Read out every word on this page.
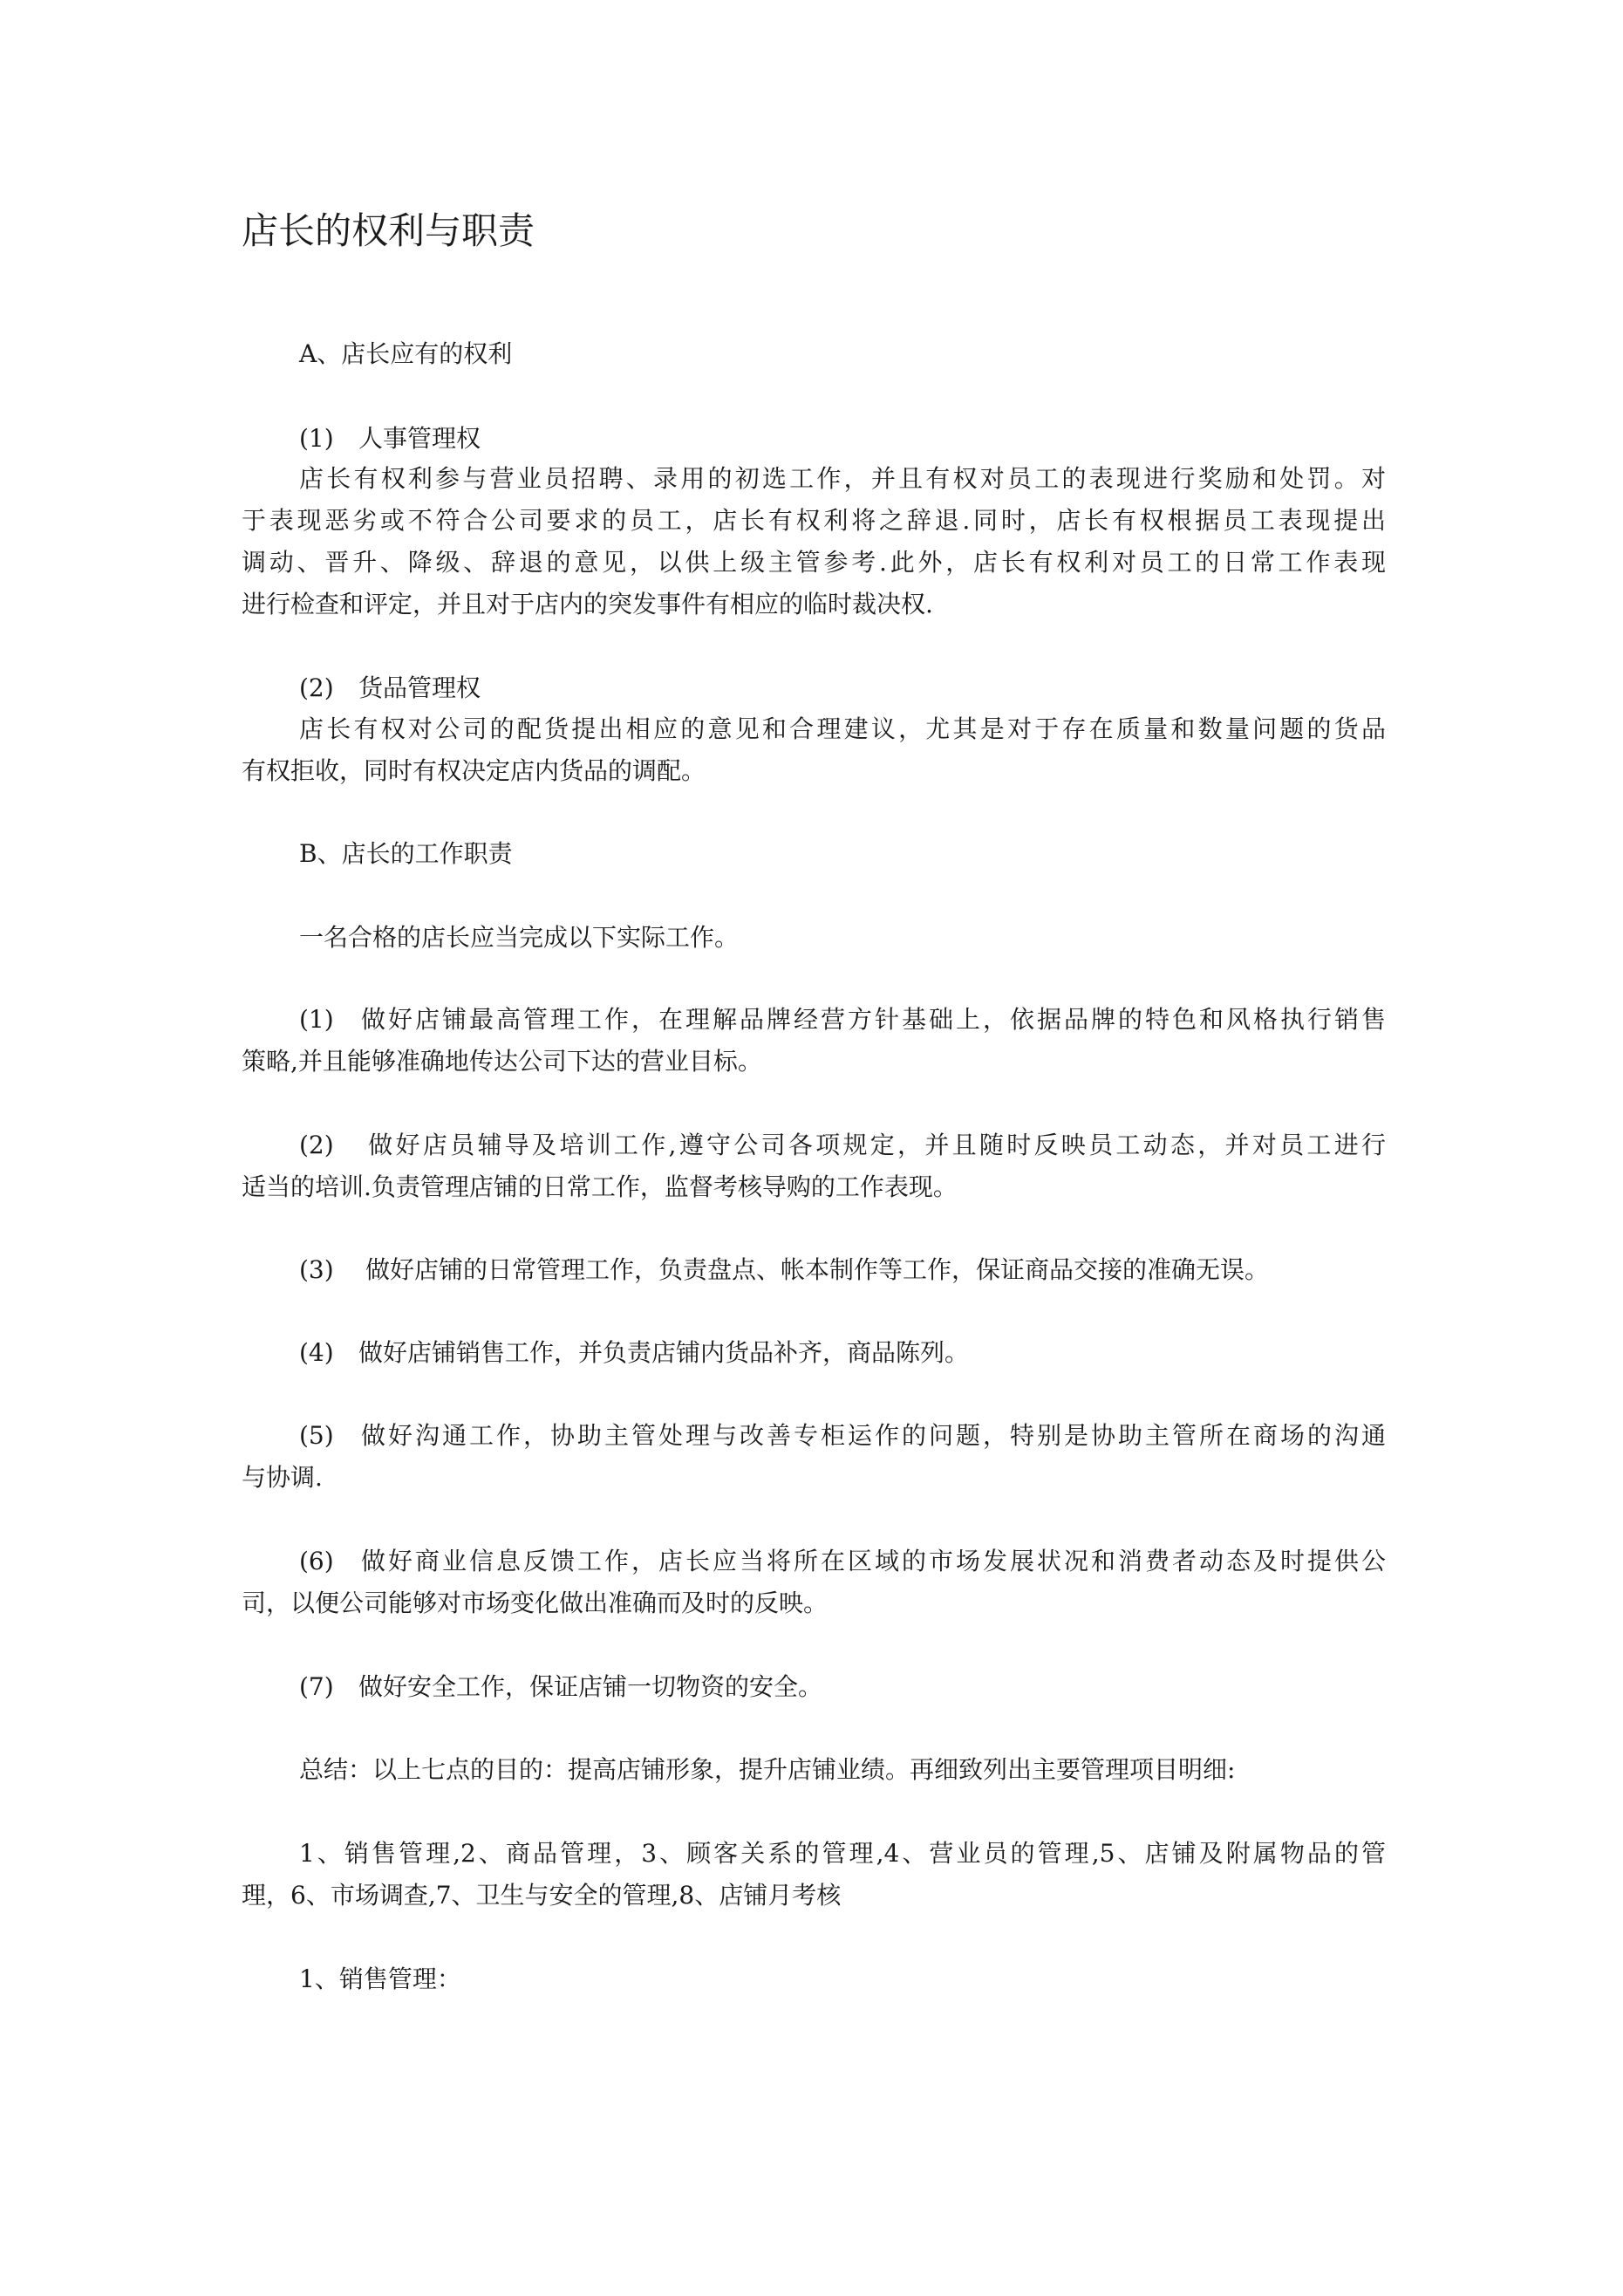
店长的权利与职责
A、店长应有的权利
(1) 人事管理权
店长有权利参与营业员招聘、录用的初选工作，并且有权对员工的表现进行奖励和处罚。对
于表现恶劣或不符合公司要求的员工，店长有权利将之辞退.同时，店长有权根据员工表现提出
调动、晋升、降级、辞退的意见，以供上级主管参考.此外，店长有权利对员工的日常工作表现
进行检查和评定，并且对于店内的突发事件有相应的临时裁决权.
(2) 货品管理权
店长有权对公司的配货提出相应的意见和合理建议，尤其是对于存在质量和数量问题的货品
有权拒收，同时有权决定店内货品的调配。
B、店长的工作职责
一名合格的店长应当完成以下实际工作。
(1) 做好店铺最高管理工作，在理解品牌经营方针基础上，依据品牌的特色和风格执行销售
策略,并且能够准确地传达公司下达的营业目标。
(2) 做好店员辅导及培训工作,遵守公司各项规定，并且随时反映员工动态，并对员工进行
适当的培训.负责管理店铺的日常工作，监督考核导购的工作表现。
(3) 做好店铺的日常管理工作，负责盘点、帐本制作等工作，保证商品交接的准确无误。
(4) 做好店铺销售工作，并负责店铺内货品补齐，商品陈列。
(5) 做好沟通工作，协助主管处理与改善专柜运作的问题，特别是协助主管所在商场的沟通
与协调.
(6) 做好商业信息反馈工作，店长应当将所在区域的市场发展状况和消费者动态及时提供公
司，以便公司能够对市场变化做出准确而及时的反映。
(7) 做好安全工作，保证店铺一切物资的安全。
总结：以上七点的目的：提高店铺形象，提升店铺业绩。再细致列出主要管理项目明细:
1、销售管理,2、商品管理，3、顾客关系的管理,4、营业员的管理,5、店铺及附属物品的管
理，6、市场调查,7、卫生与安全的管理,8、店铺月考核
1、销售管理：
